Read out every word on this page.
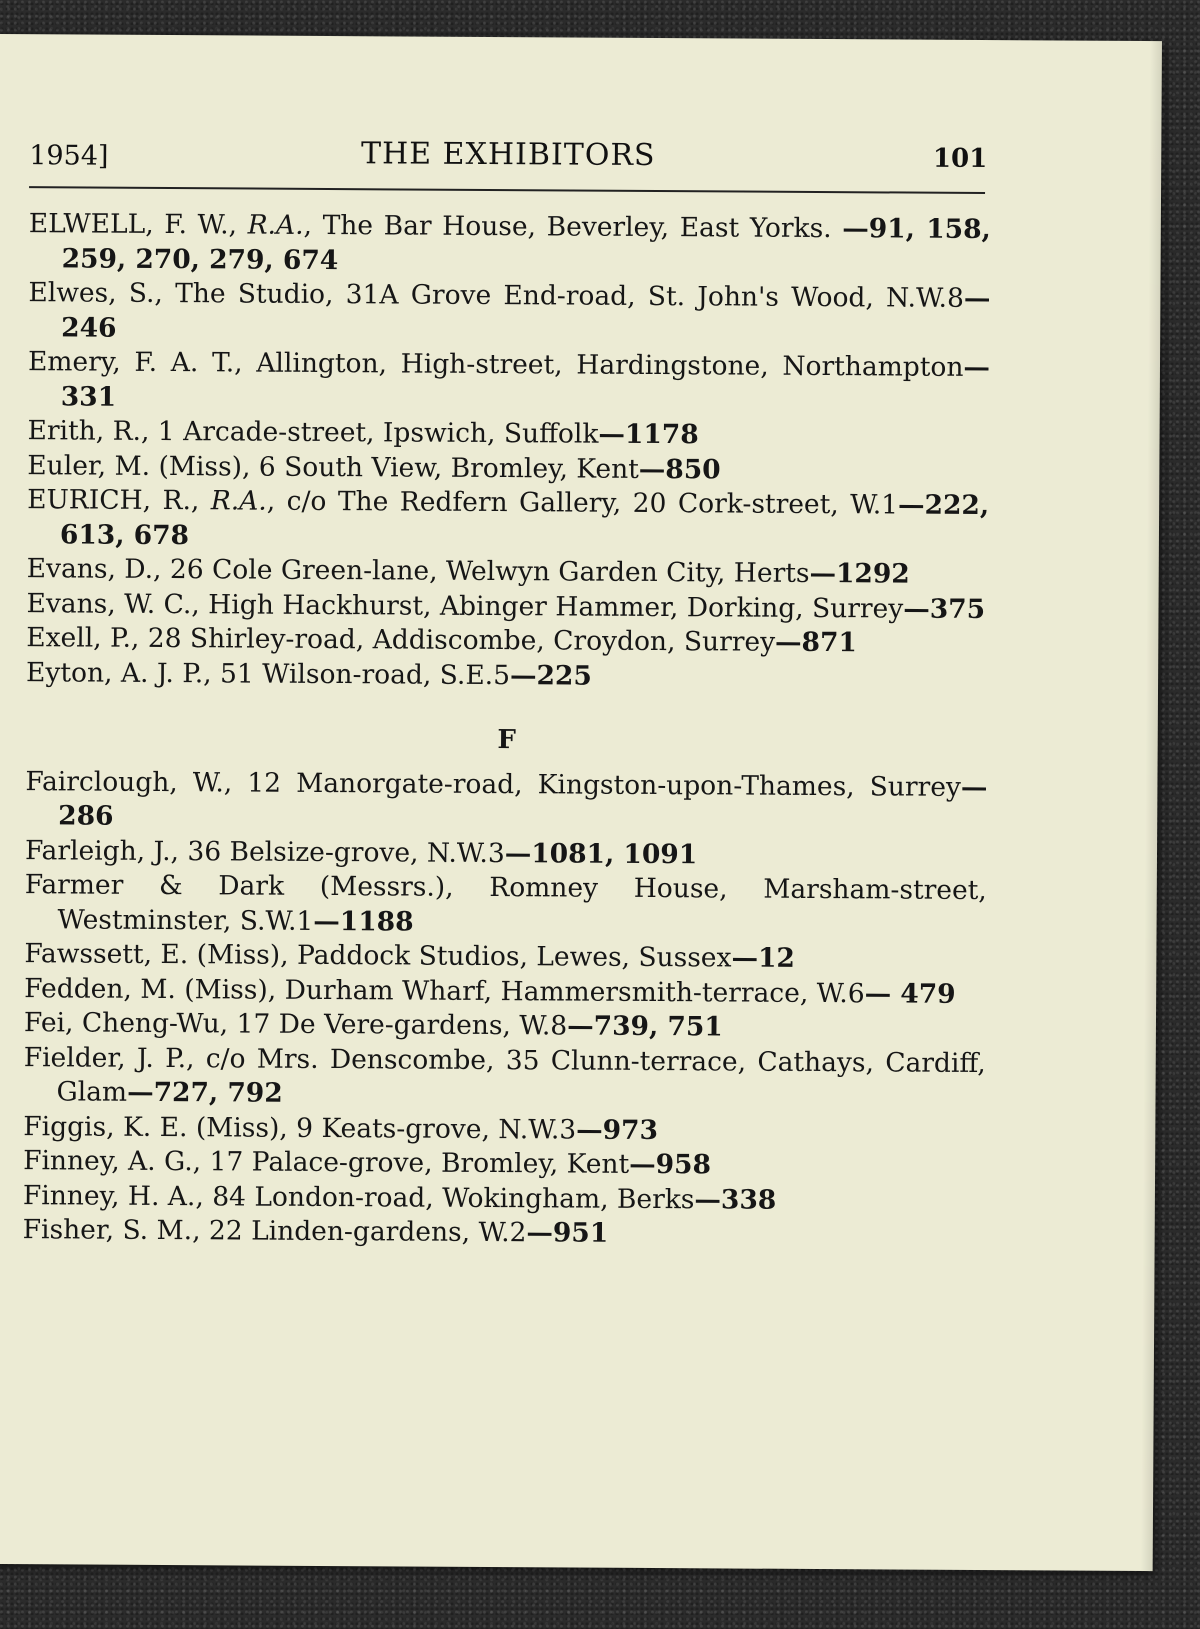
1954]	THE EXHIBITORS	101

ELWELL, F. W., R.A., The Bar House, Beverley, East Yorks. —91, 158, 259, 270, 279, 674

Elwes, S., The Studio, 31A Grove End-road, St. John's Wood, N.W.8—246

Emery, F. A. T., Allington, High-street, Hardingstone, Northampton—331

Erith, R., 1 Arcade-street, Ipswich, Suffolk—1178

Euler, M. (Miss), 6 South View, Bromley, Kent—850

EURICH, R., R.A., c/o The Redfern Gallery, 20 Cork-street, W.1—222, 613, 678

Evans, D., 26 Cole Green-lane, Welwyn Garden City, Herts—1292

Evans, W. C., High Hackhurst, Abinger Hammer, Dorking, Surrey—375

Exell, P., 28 Shirley-road, Addiscombe, Croydon, Surrey—871

Eyton, A. J. P., 51 Wilson-road, S.E.5—225

F

Fairclough, W., 12 Manorgate-road, Kingston-upon-Thames, Surrey—286

Farleigh, J., 36 Belsize-grove, N.W.3—1081, 1091

Farmer & Dark (Messrs.), Romney House, Marsham-street, Westminster, S.W.1—1188

Fawssett, E. (Miss), Paddock Studios, Lewes, Sussex—12

Fedden, M. (Miss), Durham Wharf, Hammersmith-terrace, W.6— 479

Fei, Cheng-Wu, 17 De Vere-gardens, W.8—739, 751

Fielder, J. P., c/o Mrs. Denscombe, 35 Clunn-terrace, Cathays, Cardiff, Glam—727, 792

Figgis, K. E. (Miss), 9 Keats-grove, N.W.3—973

Finney, A. G., 17 Palace-grove, Bromley, Kent—958

Finney, H. A., 84 London-road, Wokingham, Berks—338

Fisher, S. M., 22 Linden-gardens, W.2—951
